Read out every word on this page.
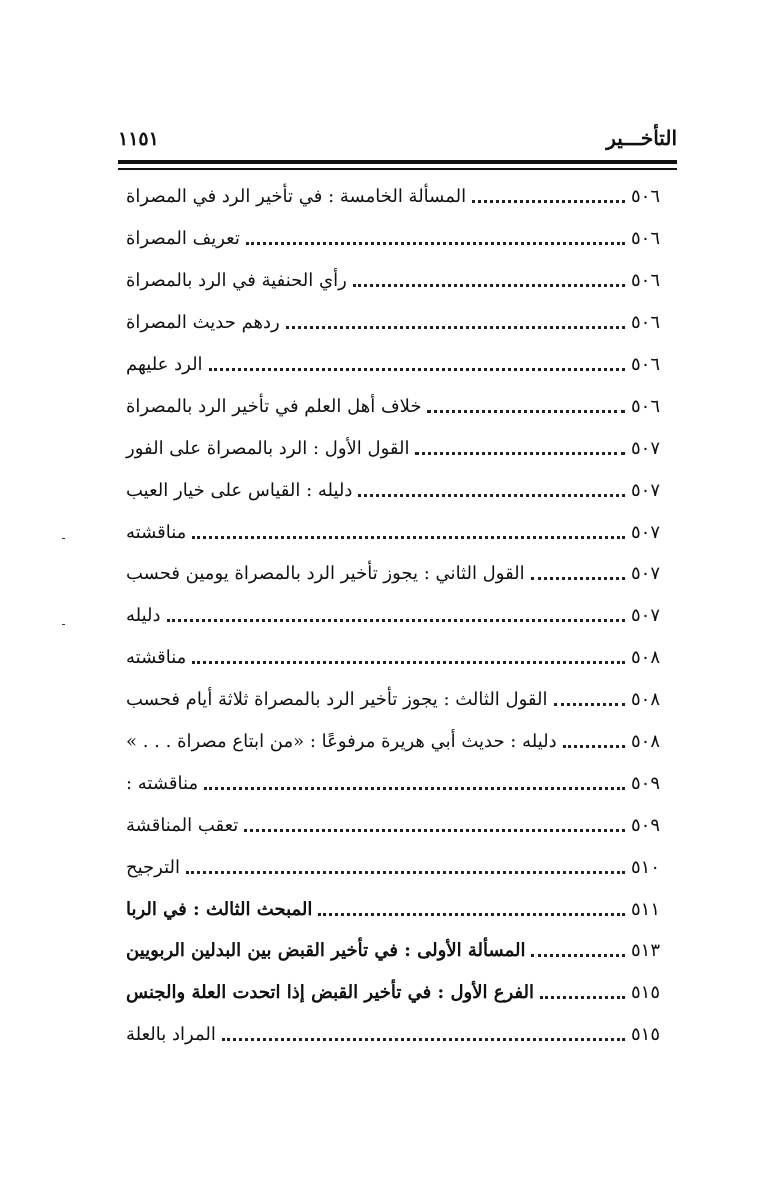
التأخـــير
١١٥١
المسألة الخامسة : في تأخير الرد في المصراة	٥٠٦
تعريف المصراة	٥٠٦
رأي الحنفية في الرد بالمصراة	٥٠٦
ردهم حديث المصراة	٥٠٦
الرد عليهم	٥٠٦
خلاف أهل العلم في تأخير الرد بالمصراة	٥٠٦
القول الأول : الرد بالمصراة على الفور	٥٠٧
دليله : القياس على خيار العيب	٥٠٧
مناقشته	٥٠٧
القول الثاني : يجوز تأخير الرد بالمصراة يومين فحسب	٥٠٧
دليله	٥٠٧
مناقشته	٥٠٨
القول الثالث : يجوز تأخير الرد بالمصراة ثلاثة أيام فحسب	٥٠٨
دليله : حديث أبي هريرة مرفوعًا : «من ابتاع مصراة . . . »	٥٠٨
مناقشته :	٥٠٩
تعقب المناقشة	٥٠٩
الترجيح	٥١٠
المبحث الثالث : في الربا	٥١١
المسألة الأولى : في تأخير القبض بين البدلين الربويين	٥١٣
الفرع الأول : في تأخير القبض إذا اتحدت العلة والجنس	٥١٥
المراد بالعلة	٥١٥
